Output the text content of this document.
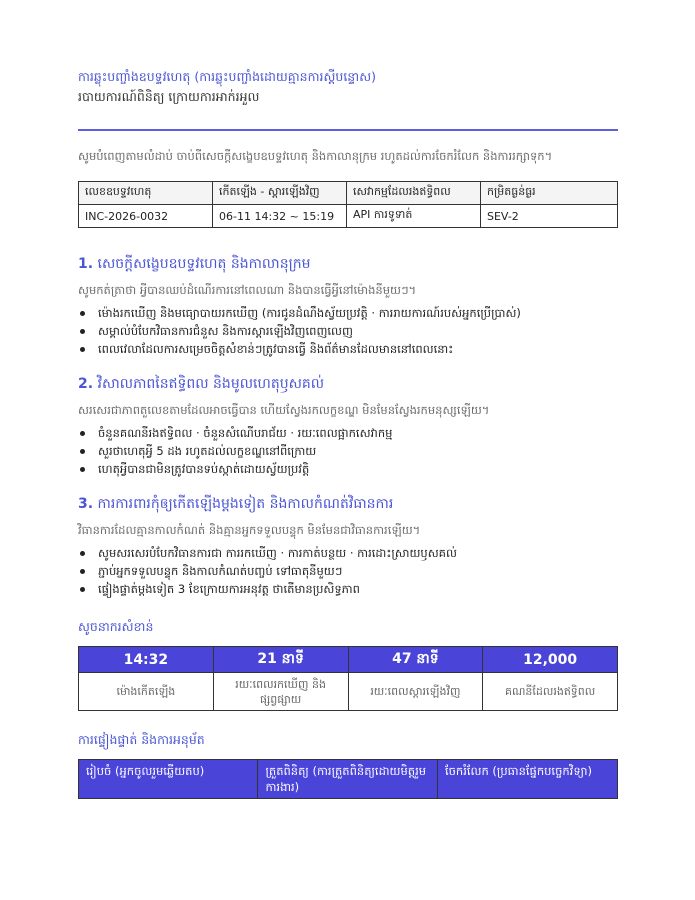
ការឆ្លុះបញ្ចាំងឧបទ្ទវហេតុ (ការឆ្លុះបញ្ចាំងដោយគ្មានការស្តីបន្ទោស)
របាយការណ៍ពិនិត្យ ក្រោយការអាក់រអួល
សូមបំពេញតាមលំដាប់ ចាប់ពីសេចក្តីសង្ខេបឧបទ្ទវហេតុ និងកាលានុក្រម រហូតដល់ការចែករំលែក និងការរក្សាទុក។
លេខឧបទ្ទវហេតុ	កើតឡើង - ស្តារឡើងវិញ	សេវាកម្មដែលរងឥទ្ធិពល	កម្រិតធ្ងន់ធ្ងរ
INC-2026-0032	06-11 14:32 ~ 15:19	API ការទូទាត់	SEV-2
1. សេចក្តីសង្ខេបឧបទ្ទវហេតុ និងកាលានុក្រម
សូមកត់ត្រាថា អ្វីបានឈប់ដំណើរការនៅពេលណា និងបានធ្វើអ្វីនៅម៉ោងនីមួយៗ។
ម៉ោងរកឃើញ និងមធ្យោបាយរកឃើញ (ការជូនដំណឹងស្វ័យប្រវត្តិ · ការរាយការណ៍របស់អ្នកប្រើប្រាស់)
សម្គាល់បំបែកវិធានការជំនួស និងការស្តារឡើងវិញពេញលេញ
ពេលវេលាដែលការសម្រេចចិត្តសំខាន់ៗត្រូវបានធ្វើ និងព័ត៌មានដែលមាននៅពេលនោះ
2. វិសាលភាពនៃឥទ្ធិពល និងមូលហេតុឫសគល់
សរសេរជាភាពតួលេខតាមដែលអាចធ្វើបាន ហើយស្វែងរកលក្ខខណ្ឌ មិនមែនស្វែងរកមនុស្សឡើយ។
ចំនួនគណនីរងឥទ្ធិពល · ចំនួនសំណើបរាជ័យ · រយៈពេលផ្អាកសេវាកម្ម
សួរថាហេតុអ្វី 5 ដង រហូតដល់លក្ខខណ្ឌនៅពីក្រោយ
ហេតុអ្វីបានជាមិនត្រូវបានទប់ស្កាត់ដោយស្វ័យប្រវត្តិ
3. ការការពារកុំឲ្យកើតឡើងម្តងទៀត និងកាលកំណត់វិធានការ
វិធានការដែលគ្មានកាលកំណត់ និងគ្មានអ្នកទទួលបន្ទុក មិនមែនជាវិធានការឡើយ។
សូមសរសេរបំបែកវិធានការជា ការរកឃើញ · ការកាត់បន្ថយ · ការដោះស្រាយឫសគល់
ភ្ជាប់អ្នកទទួលបន្ទុក និងកាលកំណត់បញ្ចប់ ទៅធាតុនីមួយៗ
ផ្ទៀងផ្ទាត់ម្តងទៀត 3 ខែក្រោយការអនុវត្ត ថាតើមានប្រសិទ្ធភាព
សូចនាករសំខាន់
14:32	21 នាទី	47 នាទី	12,000
ម៉ោងកើតឡើង	រយៈពេលរកឃើញ និងផ្សព្វផ្សាយ	រយៈពេលស្តារឡើងវិញ	គណនីដែលរងឥទ្ធិពល
ការផ្ទៀងផ្ទាត់ និងការអនុម័ត
រៀបចំ (អ្នកចូលរួមឆ្លើយតប)	ត្រួតពិនិត្យ (ការត្រួតពិនិត្យដោយមិត្តរួមការងារ)	ចែករំលែក (ប្រធានផ្នែកបច្ចេកវិទ្យា)
